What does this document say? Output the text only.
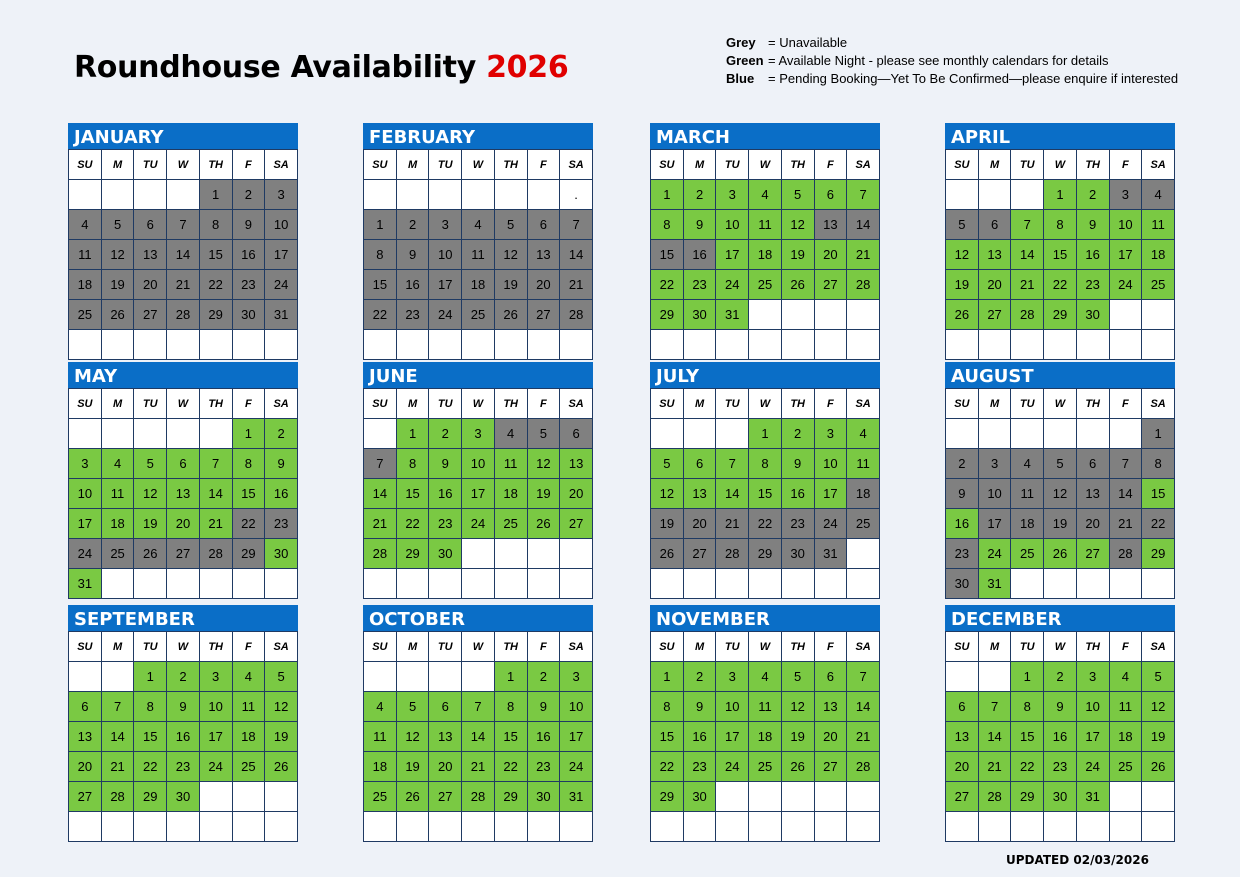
Roundhouse Availability 2026
Grey = Unavailable
Green = Available Night - please see monthly calendars for details
Blue = Pending Booking—Yet To Be Confirmed—please enquire if interested
JANUARY
SU	M	TU	W	TH	F	SA
				1	2	3
4	5	6	7	8	9	10
11	12	13	14	15	16	17
18	19	20	21	22	23	24
25	26	27	28	29	30	31

FEBRUARY
SU	M	TU	W	TH	F	SA
						.
1	2	3	4	5	6	7
8	9	10	11	12	13	14
15	16	17	18	19	20	21
22	23	24	25	26	27	28

MARCH
SU	M	TU	W	TH	F	SA
1	2	3	4	5	6	7
8	9	10	11	12	13	14
15	16	17	18	19	20	21
22	23	24	25	26	27	28
29	30	31				

APRIL
SU	M	TU	W	TH	F	SA
			1	2	3	4
5	6	7	8	9	10	11
12	13	14	15	16	17	18
19	20	21	22	23	24	25
26	27	28	29	30		

MAY
SU	M	TU	W	TH	F	SA
					1	2
3	4	5	6	7	8	9
10	11	12	13	14	15	16
17	18	19	20	21	22	23
24	25	26	27	28	29	30
31						
JUNE
SU	M	TU	W	TH	F	SA
	1	2	3	4	5	6
7	8	9	10	11	12	13
14	15	16	17	18	19	20
21	22	23	24	25	26	27
28	29	30				

JULY
SU	M	TU	W	TH	F	SA
			1	2	3	4
5	6	7	8	9	10	11
12	13	14	15	16	17	18
19	20	21	22	23	24	25
26	27	28	29	30	31	

AUGUST
SU	M	TU	W	TH	F	SA
						1
2	3	4	5	6	7	8
9	10	11	12	13	14	15
16	17	18	19	20	21	22
23	24	25	26	27	28	29
30	31					
SEPTEMBER
SU	M	TU	W	TH	F	SA
		1	2	3	4	5
6	7	8	9	10	11	12
13	14	15	16	17	18	19
20	21	22	23	24	25	26
27	28	29	30			

OCTOBER
SU	M	TU	W	TH	F	SA
				1	2	3
4	5	6	7	8	9	10
11	12	13	14	15	16	17
18	19	20	21	22	23	24
25	26	27	28	29	30	31

NOVEMBER
SU	M	TU	W	TH	F	SA
1	2	3	4	5	6	7
8	9	10	11	12	13	14
15	16	17	18	19	20	21
22	23	24	25	26	27	28
29	30					

DECEMBER
SU	M	TU	W	TH	F	SA
		1	2	3	4	5
6	7	8	9	10	11	12
13	14	15	16	17	18	19
20	21	22	23	24	25	26
27	28	29	30	31		

UPDATED 02/03/2026
